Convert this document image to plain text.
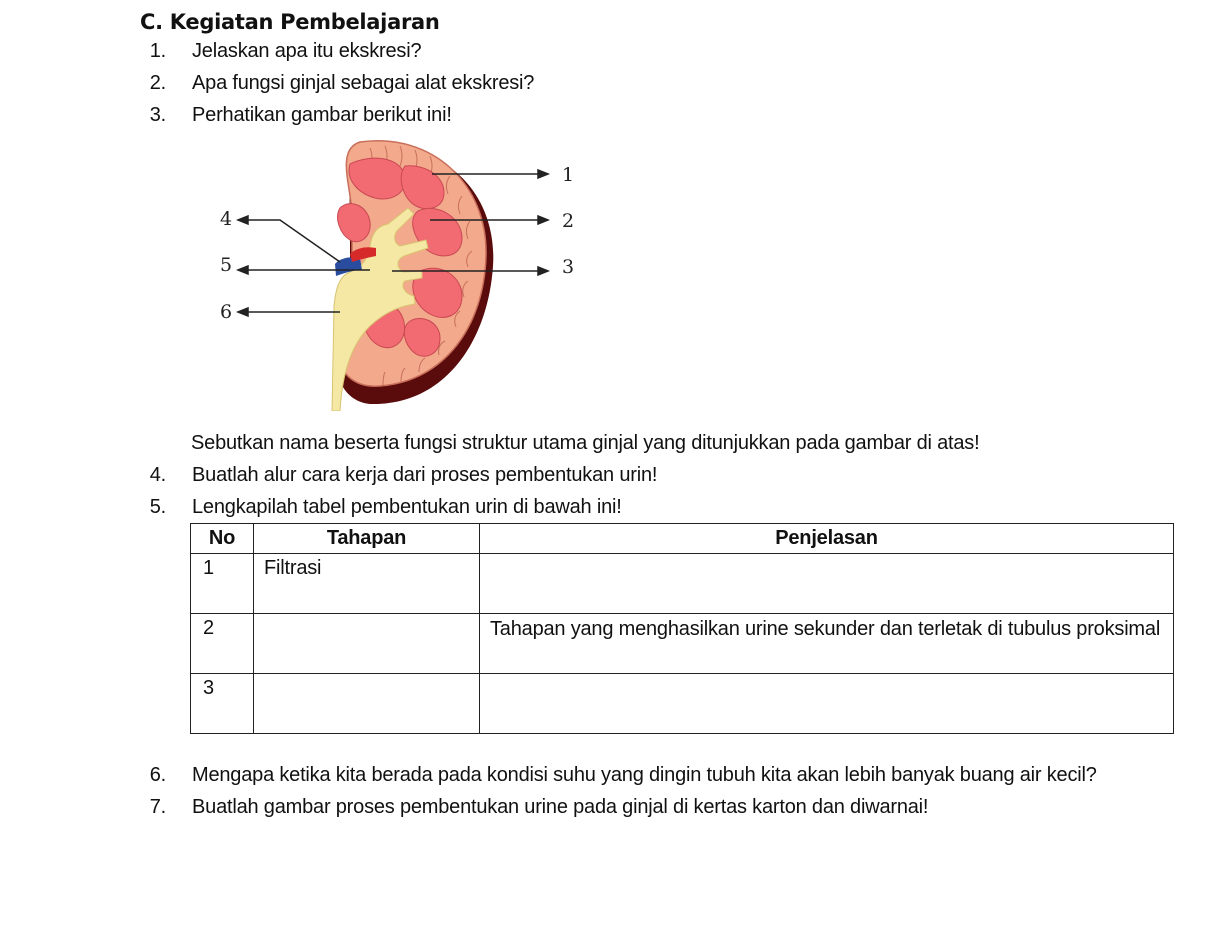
C. Kegiatan Pembelajaran
1. Jelaskan apa itu ekskresi?
2. Apa fungsi ginjal sebagai alat ekskresi?
3. Perhatikan gambar berikut ini!
1
2
3
4
5
6
Sebutkan nama beserta fungsi struktur utama ginjal yang ditunjukkan pada gambar di atas!
4. Buatlah alur cara kerja dari proses pembentukan urin!
5. Lengkapilah tabel pembentukan urin di bawah ini!
No	Tahapan	Penjelasan
1	Filtrasi	
2		Tahapan yang menghasilkan urine sekunder dan terletak di tubulus proksimal
3		
6. Mengapa ketika kita berada pada kondisi suhu yang dingin tubuh kita akan lebih banyak buang air kecil?
7. Buatlah gambar proses pembentukan urine pada ginjal di kertas karton dan diwarnai!
